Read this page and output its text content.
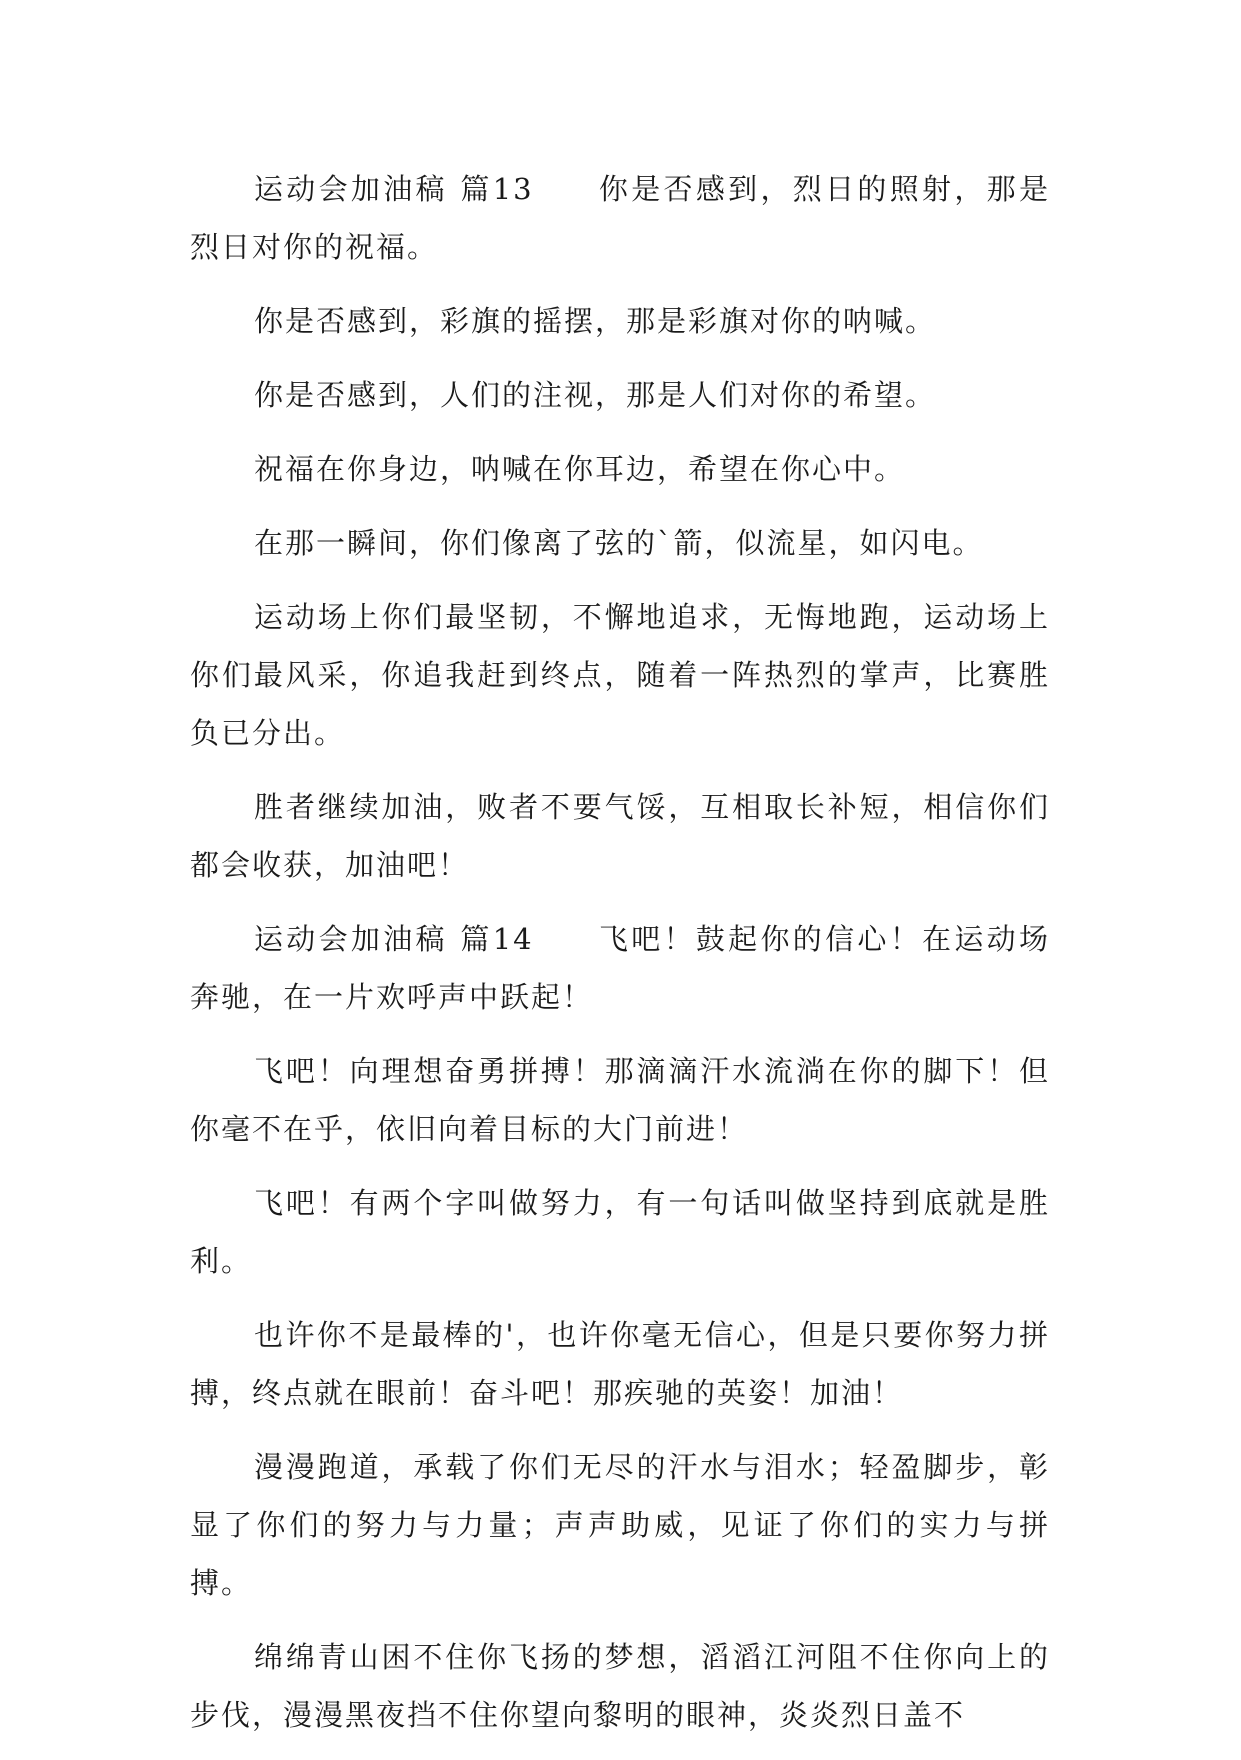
运动会加油稿 篇13 你是否感到，烈日的照射，那是烈日对你的祝福。

你是否感到，彩旗的摇摆，那是彩旗对你的呐喊。

你是否感到，人们的注视，那是人们对你的希望。

祝福在你身边，呐喊在你耳边，希望在你心中。

在那一瞬间，你们像离了弦的`箭，似流星，如闪电。

运动场上你们最坚韧，不懈地追求，无悔地跑，运动场上你们最风采，你追我赶到终点，随着一阵热烈的掌声，比赛胜负已分出。

胜者继续加油，败者不要气馁，互相取长补短，相信你们都会收获，加油吧！

运动会加油稿 篇14 飞吧！鼓起你的信心！在运动场奔驰，在一片欢呼声中跃起！

飞吧！向理想奋勇拼搏！那滴滴汗水流淌在你的脚下！但你毫不在乎，依旧向着目标的大门前进！

飞吧！有两个字叫做努力，有一句话叫做坚持到底就是胜利。

也许你不是最棒的'，也许你毫无信心，但是只要你努力拼搏，终点就在眼前！奋斗吧！那疾驰的英姿！加油！

漫漫跑道，承载了你们无尽的汗水与泪水；轻盈脚步，彰显了你们的努力与力量；声声助威，见证了你们的实力与拼搏。

绵绵青山困不住你飞扬的梦想，滔滔江河阻不住你向上的步伐，漫漫黑夜挡不住你望向黎明的眼神，炎炎烈日盖不
